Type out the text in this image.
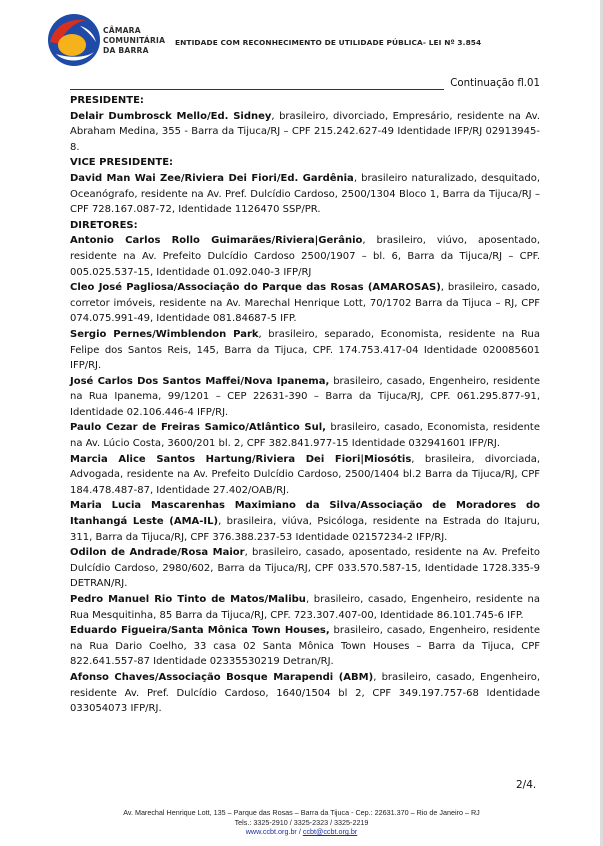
CÂMARA
COMUNITÁRIA
DA BARRA
ENTIDADE COM RECONHECIMENTO DE UTILIDADE PÚBLICA- LEI Nº 3.854
Continuação fl.01

PRESIDENTE:

Delair Dumbrosck Mello/Ed. Sidney, brasileiro, divorciado, Empresário, residente na Av. Abraham Medina, 355 - Barra da Tijuca/RJ – CPF 215.242.627-49 Identidade IFP/RJ 02913945-8.

VICE PRESIDENTE:

David Man Wai Zee/Riviera Dei Fiori/Ed. Gardênia, brasileiro naturalizado, desquitado, Oceanógrafo, residente na Av. Pref. Dulcídio Cardoso, 2500/1304 Bloco 1, Barra da Tijuca/RJ – CPF 728.167.087-72, Identidade 1126470 SSP/PR.

DIRETORES:

Antonio Carlos Rollo Guimarães/Riviera|Gerânio, brasileiro, viúvo, aposentado, residente na Av. Prefeito Dulcídio Cardoso 2500/1907 – bl. 6, Barra da Tijuca/RJ – CPF. 005.025.537-15, Identidade 01.092.040-3 IFP/RJ

Cleo José Pagliosa/Associação do Parque das Rosas (AMAROSAS), brasileiro, casado, corretor imóveis, residente na Av. Marechal Henrique Lott, 70/1702 Barra da Tijuca – RJ, CPF 074.075.991-49, Identidade 081.84687-5 IFP.

Sergio Pernes/Wimblendon Park, brasileiro, separado, Economista, residente na Rua Felipe dos Santos Reis, 145, Barra da Tijuca, CPF. 174.753.417-04 Identidade 020085601 IFP/RJ.

José Carlos Dos Santos Maffei/Nova Ipanema, brasileiro, casado, Engenheiro, residente na Rua Ipanema, 99/1201 – CEP 22631-390 – Barra da Tijuca/RJ, CPF. 061.295.877-91, Identidade 02.106.446-4 IFP/RJ.

Paulo Cezar de Freiras Samico/Atlântico Sul, brasileiro, casado, Economista, residente na Av. Lúcio Costa, 3600/201 bl. 2, CPF 382.841.977-15 Identidade 032941601 IFP/RJ.

Marcia Alice Santos Hartung/Riviera Dei Fiori|Miosótis, brasileira, divorciada, Advogada, residente na Av. Prefeito Dulcídio Cardoso, 2500/1404 bl.2 Barra da Tijuca/RJ, CPF 184.478.487-87, Identidade 27.402/OAB/RJ.

Maria Lucia Mascarenhas Maximiano da Silva/Associação de Moradores do Itanhangá Leste (AMA-IL), brasileira, viúva, Psicóloga, residente na Estrada do Itajuru, 311, Barra da Tijuca/RJ, CPF 376.388.237-53 Identidade 02157234-2 IFP/RJ.

Odilon de Andrade/Rosa Maior, brasileiro, casado, aposentado, residente na Av. Prefeito Dulcídio Cardoso, 2980/602, Barra da Tijuca/RJ, CPF 033.570.587-15, Identidade 1728.335-9 DETRAN/RJ.

Pedro Manuel Rio Tinto de Matos/Malibu, brasileiro, casado, Engenheiro, residente na Rua Mesquitinha, 85 Barra da Tijuca/RJ, CPF. 723.307.407-00, Identidade 86.101.745-6 IFP.

Eduardo Figueira/Santa Mônica Town Houses, brasileiro, casado, Engenheiro, residente na Rua Dario Coelho, 33 casa 02 Santa Mônica Town Houses – Barra da Tijuca, CPF 822.641.557-87 Identidade 02335530219 Detran/RJ.

Afonso Chaves/Associação Bosque Marapendi (ABM), brasileiro, casado, Engenheiro, residente Av. Pref. Dulcídio Cardoso, 1640/1504 bl 2, CPF 349.197.757-68 Identidade 033054073 IFP/RJ.

2/4.
Av. Marechal Henrique Lott, 135 – Parque das Rosas – Barra da Tijuca - Cep.: 22631.370 – Rio de Janeiro – RJ
Tels.: 3325-2910 / 3325-2323 / 3325-2219
www.ccbt.org.br / ccbt@ccbt.org.br
